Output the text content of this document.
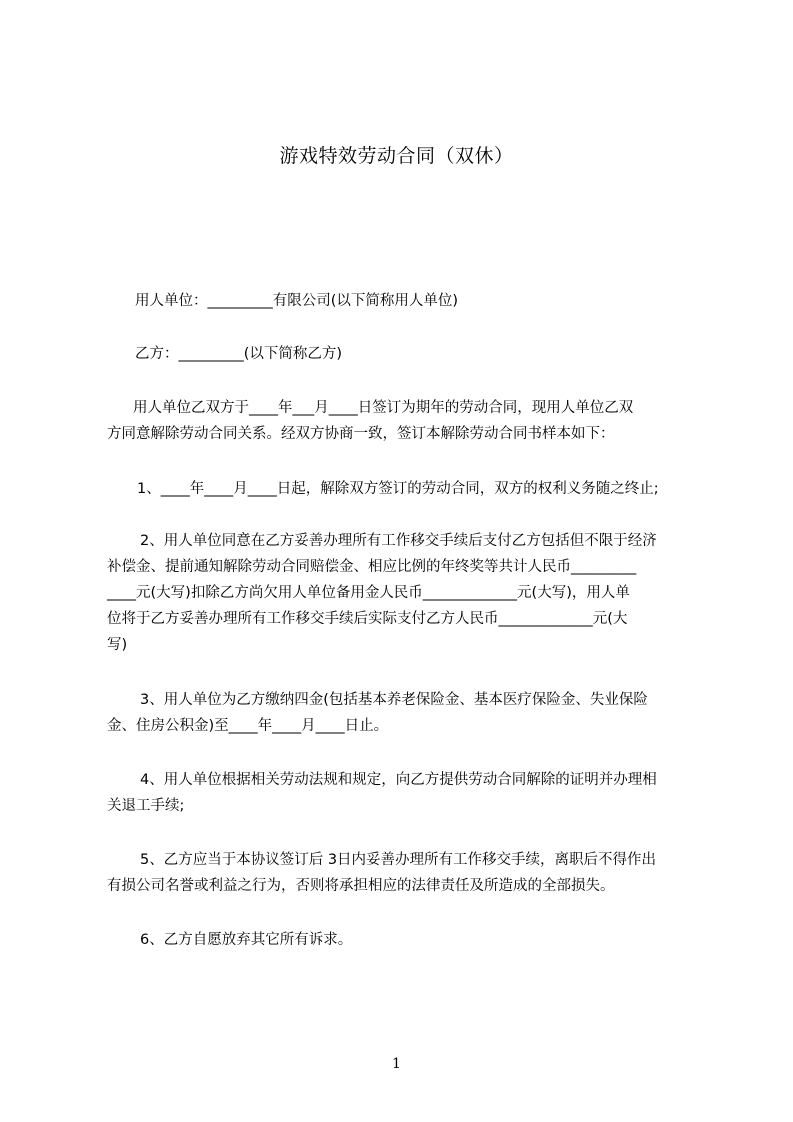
游戏特效劳动合同（双休）
用人单位：_________有限公司(以下简称用人单位)
乙方：_________(以下简称乙方)
用人单位乙双方于____年___月____日签订为期年的劳动合同，现用人单位乙双
方同意解除劳动合同关系。经双方协商一致，签订本解除劳动合同书样本如下：
1、____年____月____日起，解除双方签订的劳动合同，双方的权利义务随之终止;
2、用人单位同意在乙方妥善办理所有工作移交手续后支付乙方包括但不限于经济
补偿金、提前通知解除劳动合同赔偿金、相应比例的年终奖等共计人民币_________
____元(大写)扣除乙方尚欠用人单位备用金人民币_____________元(大写)，用人单
位将于乙方妥善办理所有工作移交手续后实际支付乙方人民币_____________元(大
写)
3、用人单位为乙方缴纳四金(包括基本养老保险金、基本医疗保险金、失业保险
金、住房公积金)至____年____月____日止。
4、用人单位根据相关劳动法规和规定，向乙方提供劳动合同解除的证明并办理相
关退工手续;
5、乙方应当于本协议签订后 3日内妥善办理所有工作移交手续，离职后不得作出
有损公司名誉或利益之行为，否则将承担相应的法律责任及所造成的全部损失。
6、乙方自愿放弃其它所有诉求。
1
